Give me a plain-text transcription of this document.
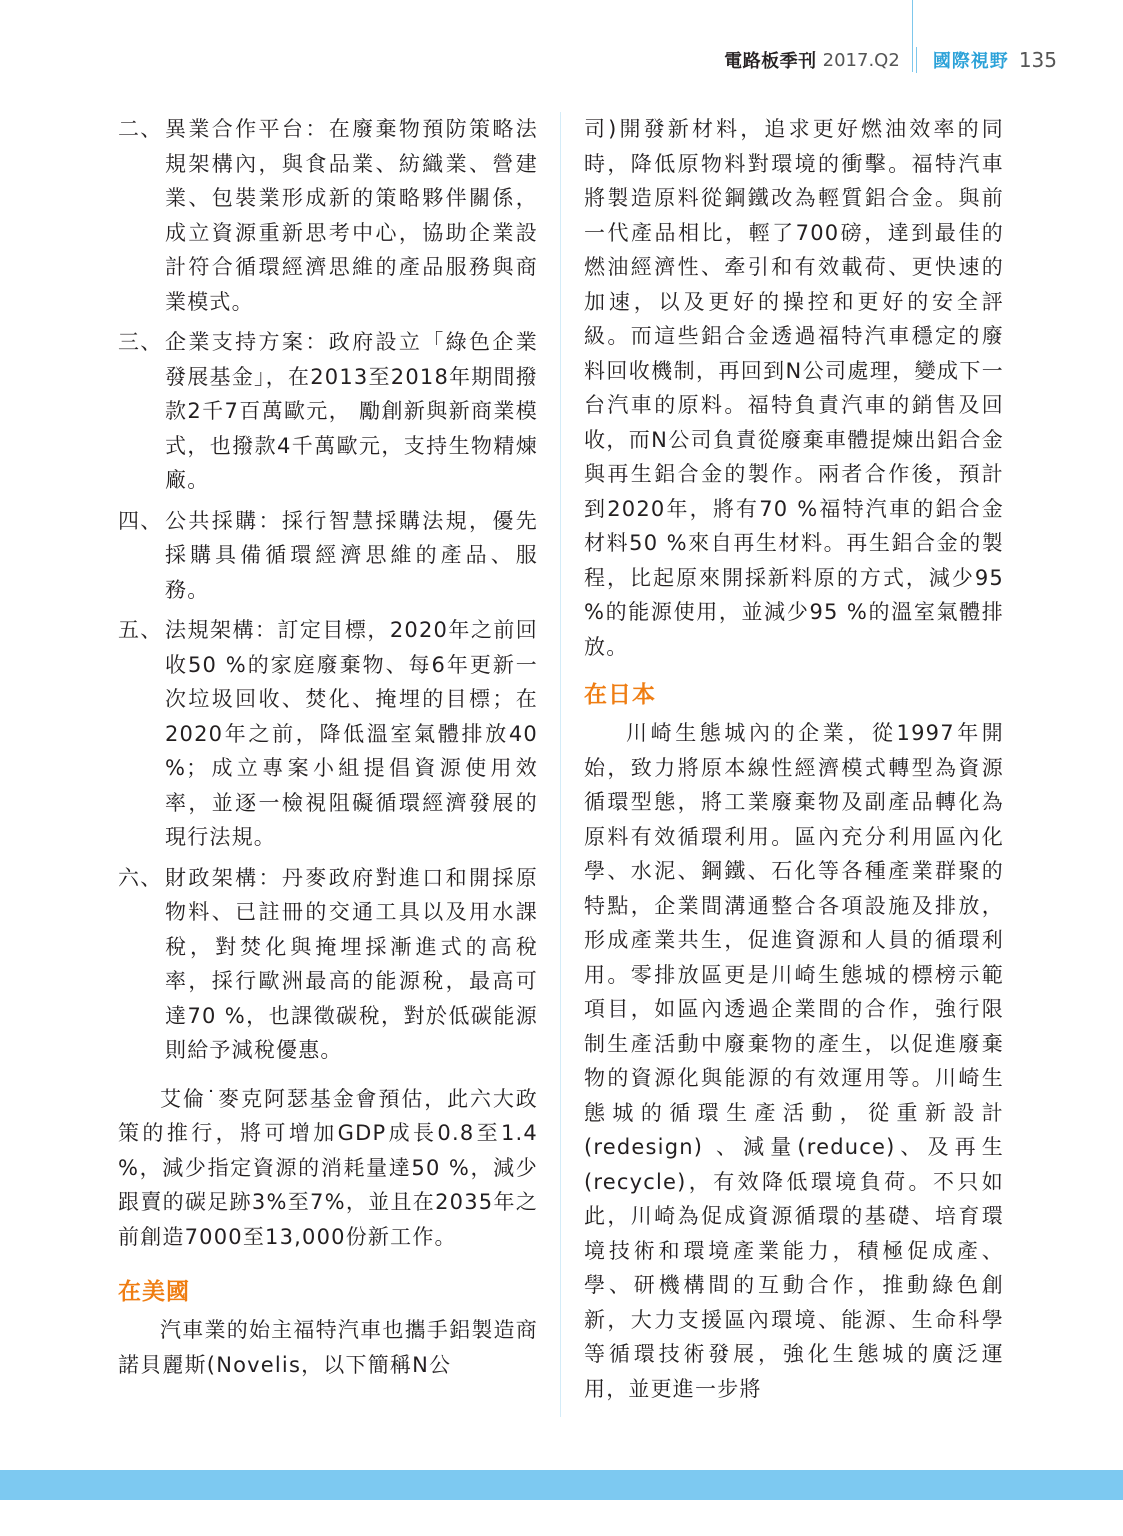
電路板季刊 2017.Q2 國際視野 135
二、 異業合作平台：在廢棄物預防策略法規架構內，與食品業、紡織業、營建業、包裝業形成新的策略夥伴關係，成立資源重新思考中心，協助企業設計符合循環經濟思維的產品服務與商業模式。
三、 企業支持方案：政府設立「綠色企業發展基金」，在2013至2018年期間撥款2千7百萬歐元， 勵創新與新商業模式，也撥款4千萬歐元，支持生物精煉廠。
四、 公共採購：採行智慧採購法規，優先採購具備循環經濟思維的產品、服務。
五、 法規架構：訂定目標，2020年之前回收50 %的家庭廢棄物、每6年更新一次垃圾回收、焚化、掩埋的目標；在2020年之前，降低溫室氣體排放40 %；成立專案小組提倡資源使用效率，並逐一檢視阻礙循環經濟發展的現行法規。
六、 財政架構：丹麥政府對進口和開採原物料、已註冊的交通工具以及用水課稅，對焚化與掩埋採漸進式的高稅率，採行歐洲最高的能源稅，最高可達70 %，也課徵碳稅，對於低碳能源則給予減稅優惠。

艾倫˙麥克阿瑟基金會預估，此六大政策的推行，將可增加GDP成長0.8至1.4 %，減少指定資源的消耗量達50 %，減少跟賣的碳足跡3%至7%，並且在2035年之前創造7000至13,000份新工作。

在美國

汽車業的始主福特汽車也攜手鋁製造商諾貝麗斯(Novelis，以下簡稱N公

司)開發新材料，追求更好燃油效率的同時，降低原物料對環境的衝擊。福特汽車將製造原料從鋼鐵改為輕質鋁合金。與前一代產品相比，輕了700磅，達到最佳的燃油經濟性、牽引和有效載荷、更快速的加速，以及更好的操控和更好的安全評級。而這些鋁合金透過福特汽車穩定的廢料回收機制，再回到N公司處理，變成下一台汽車的原料。福特負責汽車的銷售及回收，而N公司負責從廢棄車體提煉出鋁合金與再生鋁合金的製作。兩者合作後，預計到2020年，將有70 %福特汽車的鋁合金材料50 %來自再生材料。再生鋁合金的製程，比起原來開採新料原的方式，減少95 %的能源使用，並減少95 %的溫室氣體排放。

在日本

川崎生態城內的企業，從1997年開始，致力將原本線性經濟模式轉型為資源循環型態，將工業廢棄物及副產品轉化為原料有效循環利用。區內充分利用區內化學、水泥、鋼鐵、石化等各種產業群聚的特點，企業間溝通整合各項設施及排放，形成產業共生，促進資源和人員的循環利用。零排放區更是川崎生態城的標榜示範項目，如區內透過企業間的合作，強行限制生產活動中廢棄物的產生，以促進廢棄物的資源化與能源的有效運用等。川崎生態城的循環生產活動，從重新設計(redesign) 、減量(reduce)、及再生(recycle)，有效降低環境負荷。不只如此，川崎為促成資源循環的基礎、培育環境技術和環境產業能力，積極促成產、學、研機構間的互動合作，推動綠色創新，大力支援區內環境、能源、生命科學等循環技術發展，強化生態城的廣泛運用，並更進一步將
